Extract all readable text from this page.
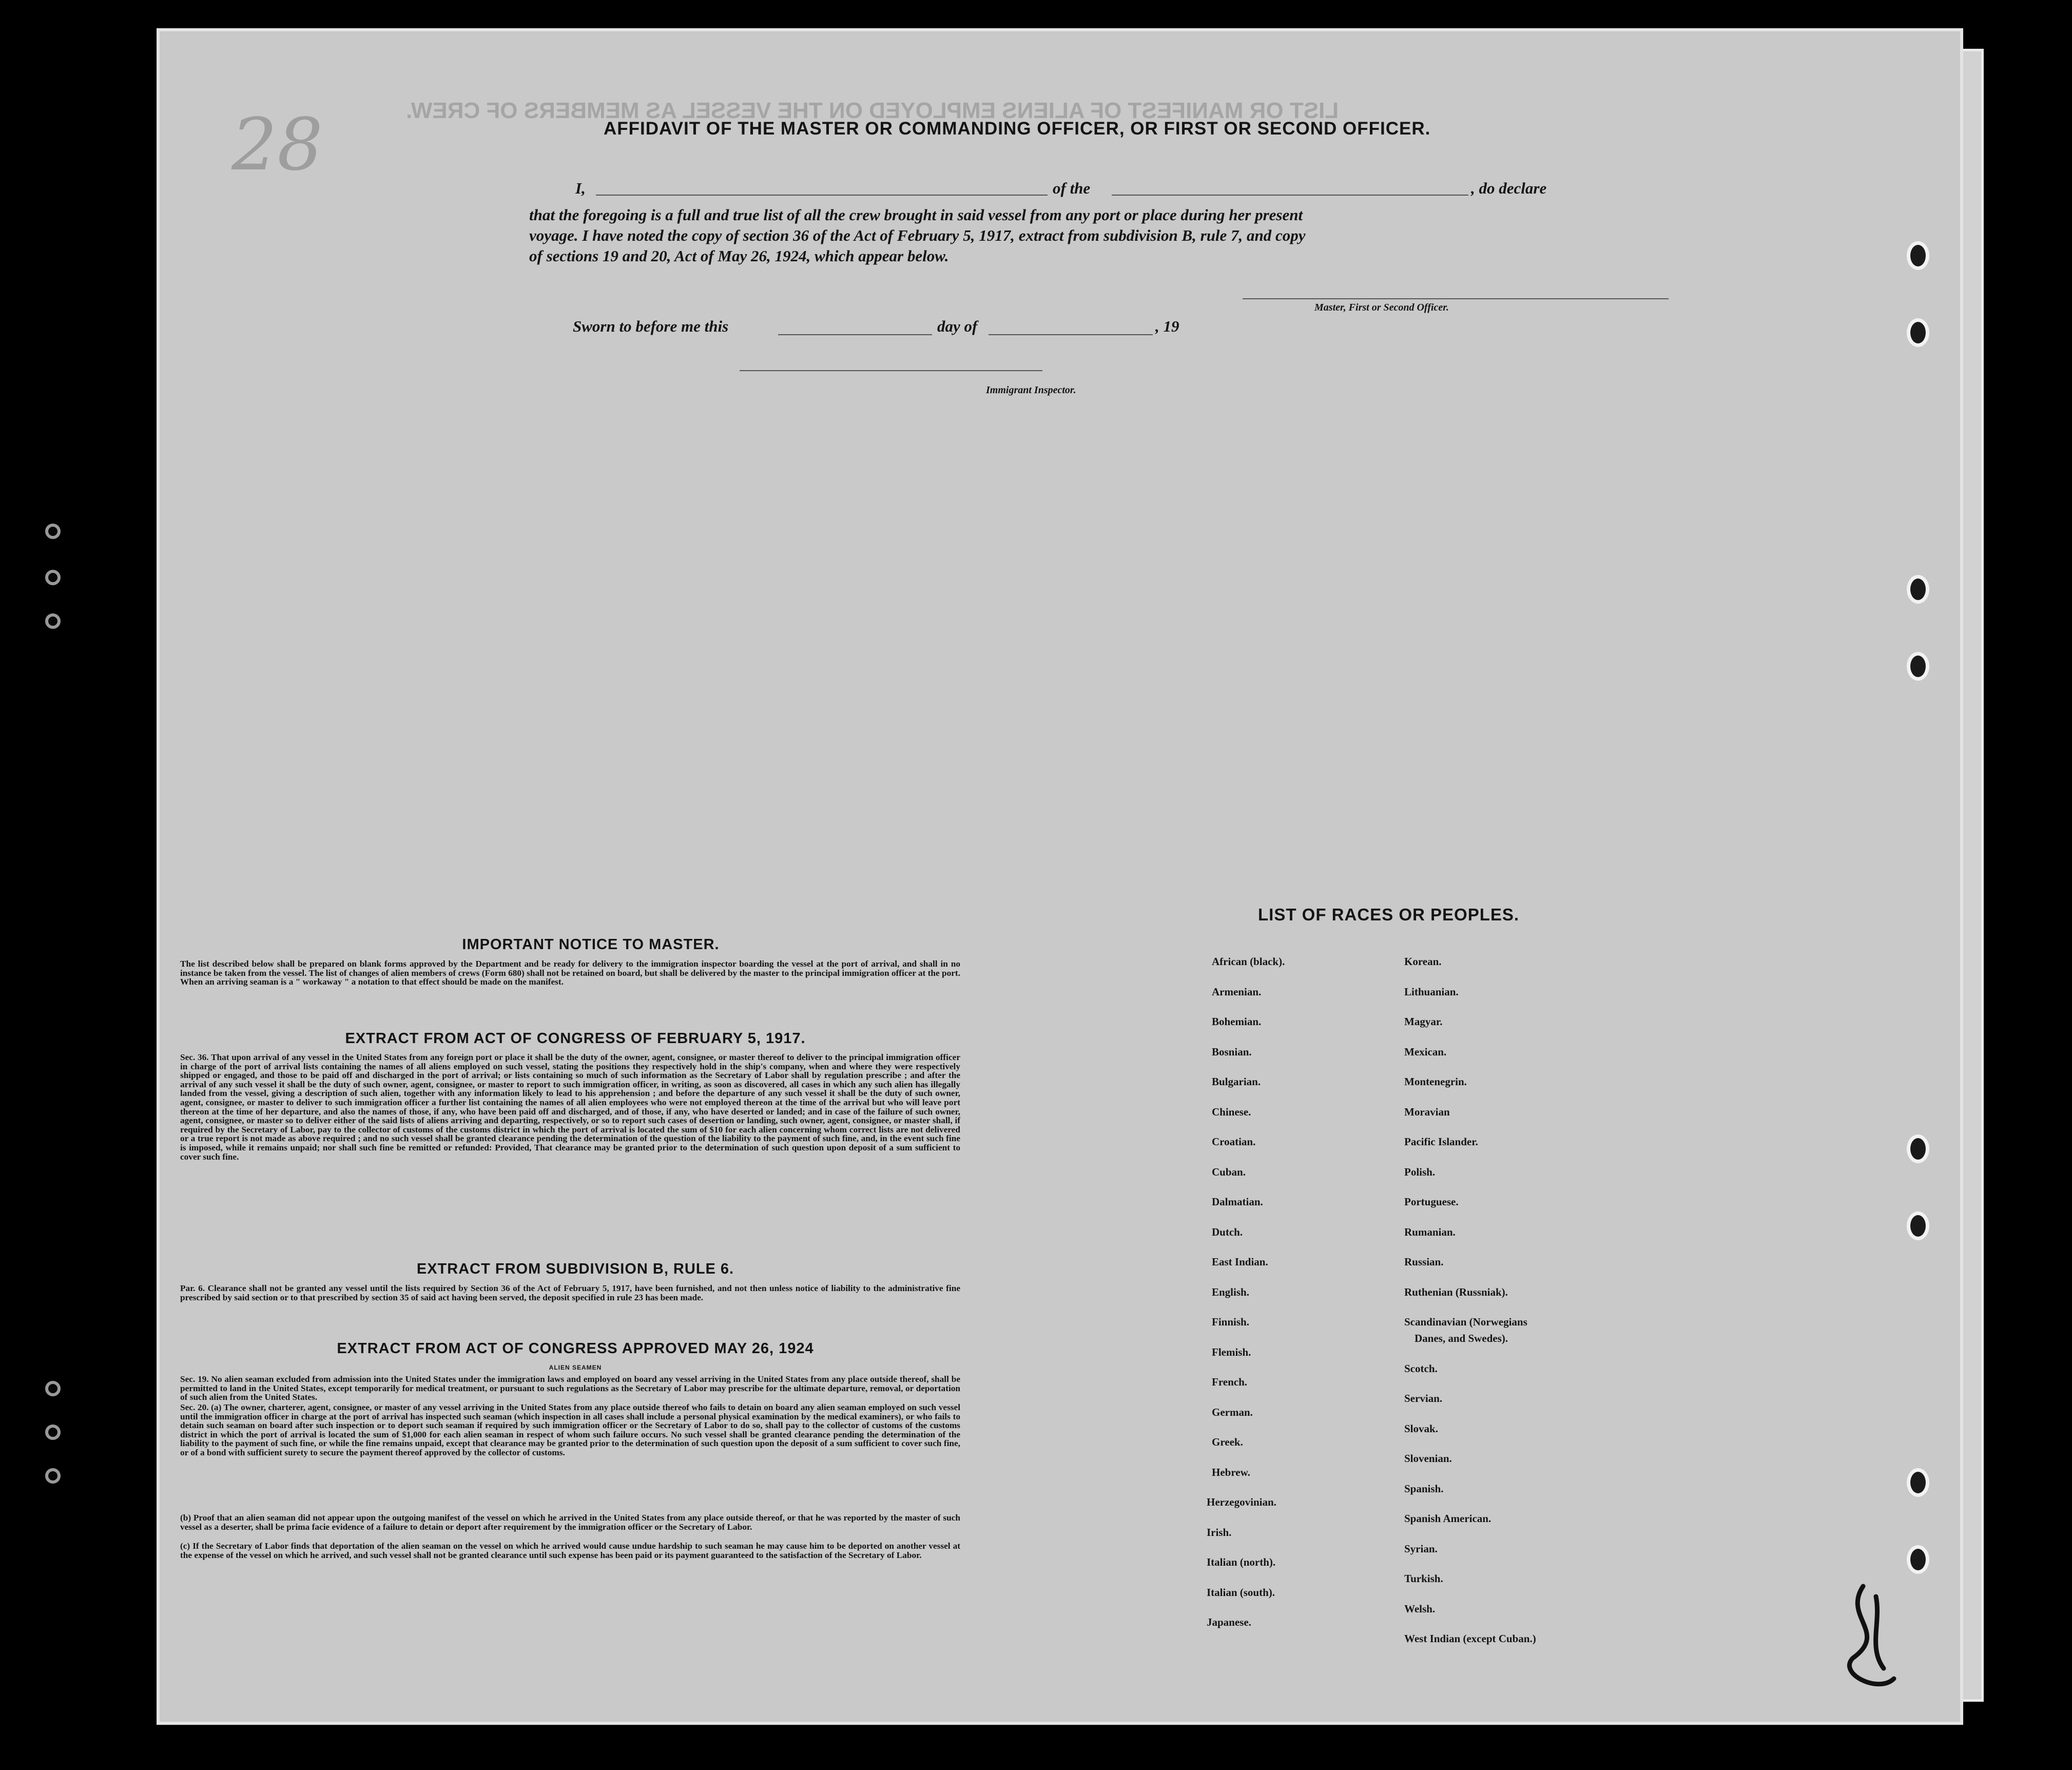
LIST OR MANIFEST OF ALIENS EMPLOYED ON THE VESSEL AS MEMBERS OF CREW.
28	AFFIDAVIT OF THE MASTER OR COMMANDING OFFICER, OR FIRST OR SECOND OFFICER.
I,	of the	, do declare
that the foregoing is a full and true list of all the crew brought in said vessel from any port or place during her present
voyage. I have noted the copy of section 36 of the Act of February 5, 1917, extract from subdivision B, rule 7, and copy
of sections 19 and 20, Act of May 26, 1924, which appear below.
Master, First or Second Officer.
Sworn to before me this	day of	, 19
Immigrant Inspector.
IMPORTANT NOTICE TO MASTER.
The list described below shall be prepared on blank forms approved by the Department and be ready for delivery to the immigration inspector boarding the vessel at the port of arrival, and shall in no instance be taken from the vessel. The list of changes of alien members of crews (Form 680) shall not be retained on board, but shall be delivered by the master to the principal immigration officer at the port. When an arriving seaman is a " workaway " a notation to that effect should be made on the manifest.
EXTRACT FROM ACT OF CONGRESS OF FEBRUARY 5, 1917.
Sec. 36. That upon arrival of any vessel in the United States from any foreign port or place it shall be the duty of the owner, agent, consignee, or master thereof to deliver to the principal immigration officer in charge of the port of arrival lists containing the names of all aliens employed on such vessel, stating the positions they respectively hold in the ship's company, when and where they were respectively shipped or engaged, and those to be paid off and discharged in the port of arrival; or lists containing so much of such information as the Secretary of Labor shall by regulation prescribe ; and after the arrival of any such vessel it shall be the duty of such owner, agent, consignee, or master to report to such immigration officer, in writing, as soon as discovered, all cases in which any such alien has illegally landed from the vessel, giving a description of such alien, together with any information likely to lead to his apprehension ; and before the departure of any such vessel it shall be the duty of such owner, agent, consignee, or master to deliver to such immigration officer a further list containing the names of all alien employees who were not employed thereon at the time of the arrival but who will leave port thereon at the time of her departure, and also the names of those, if any, who have been paid off and discharged, and of those, if any, who have deserted or landed; and in case of the failure of such owner, agent, consignee, or master so to deliver either of the said lists of aliens arriving and departing, respectively, or so to report such cases of desertion or landing, such owner, agent, consignee, or master shall, if required by the Secretary of Labor, pay to the collector of customs of the customs district in which the port of arrival is located the sum of $10 for each alien concerning whom correct lists are not delivered or a true report is not made as above required ; and no such vessel shall be granted clearance pending the determination of the question of the liability to the payment of such fine, and, in the event such fine is imposed, while it remains unpaid; nor shall such fine be remitted or refunded: Provided, That clearance may be granted prior to the determination of such question upon deposit of a sum sufficient to cover such fine.
EXTRACT FROM SUBDIVISION B, RULE 6.
Par. 6. Clearance shall not be granted any vessel until the lists required by Section 36 of the Act of February 5, 1917, have been furnished, and not then unless notice of liability to the administrative fine prescribed by said section or to that prescribed by section 35 of said act having been served, the deposit specified in rule 23 has been made.
EXTRACT FROM ACT OF CONGRESS APPROVED MAY 26, 1924
ALIEN SEAMEN
Sec. 19. No alien seaman excluded from admission into the United States under the immigration laws and employed on board any vessel arriving in the United States from any place outside thereof, shall be permitted to land in the United States, except temporarily for medical treatment, or pursuant to such regulations as the Secretary of Labor may prescribe for the ultimate departure, removal, or deportation of such alien from the United States.
Sec. 20. (a) The owner, charterer, agent, consignee, or master of any vessel arriving in the United States from any place outside thereof who fails to detain on board any alien seaman employed on such vessel until the immigration officer in charge at the port of arrival has inspected such seaman (which inspection in all cases shall include a personal physical examination by the medical examiners), or who fails to detain such seaman on board after such inspection or to deport such seaman if required by such immigration officer or the Secretary of Labor to do so, shall pay to the collector of customs of the customs district in which the port of arrival is located the sum of $1,000 for each alien seaman in respect of whom such failure occurs. No such vessel shall be granted clearance pending the determination of the liability to the payment of such fine, or while the fine remains unpaid, except that clearance may be granted prior to the determination of such question upon the deposit of a sum sufficient to cover such fine, or of a bond with sufficient surety to secure the payment thereof approved by the collector of customs.
(b) Proof that an alien seaman did not appear upon the outgoing manifest of the vessel on which he arrived in the United States from any place outside thereof, or that he was reported by the master of such vessel as a deserter, shall be prima facie evidence of a failure to detain or deport after requirement by the immigration officer or the Secretary of Labor.
(c) If the Secretary of Labor finds that deportation of the alien seaman on the vessel on which he arrived would cause undue hardship to such seaman he may cause him to be deported on another vessel at the expense of the vessel on which he arrived, and such vessel shall not be granted clearance until such expense has been paid or its payment guaranteed to the satisfaction of the Secretary of Labor.
LIST OF RACES OR PEOPLES.
African (black).
Armenian.
Bohemian.
Bosnian.
Bulgarian.
Chinese.
Croatian.
Cuban.
Dalmatian.
Dutch.
East Indian.
English.
Finnish.
Flemish.
French.
German.
Greek.
Hebrew.
Herzegovinian.
Irish.
Italian (north).
Italian (south).
Japanese.
Korean.
Lithuanian.
Magyar.
Mexican.
Montenegrin.
Moravian
Pacific Islander.
Polish.
Portuguese.
Rumanian.
Russian.
Ruthenian (Russniak).
Scandinavian (Norwegians
Danes, and Swedes).
Scotch.
Servian.
Slovak.
Slovenian.
Spanish.
Spanish American.
Syrian.
Turkish.
Welsh.
West Indian (except Cuban.)
